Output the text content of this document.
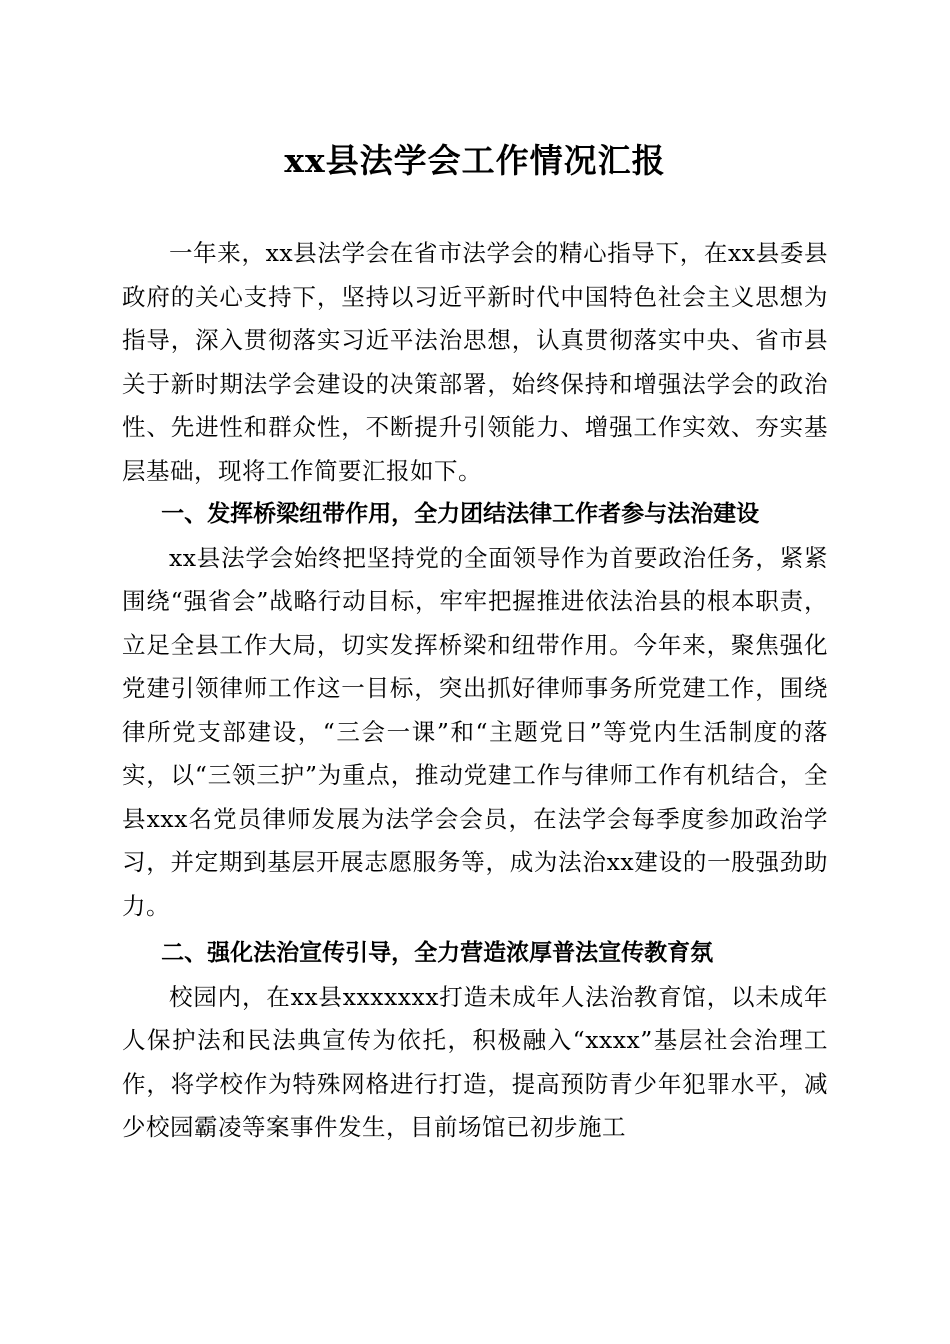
xx县法学会工作情况汇报

一年来，xx县法学会在省市法学会的精心指导下，在xx县委县政府的关心支持下，坚持以习近平新时代中国特色社会主义思想为指导，深入贯彻落实习近平法治思想，认真贯彻落实中央、省市县关于新时期法学会建设的决策部署，始终保持和增强法学会的政治性、先进性和群众性，不断提升引领能力、增强工作实效、夯实基层基础，现将工作简要汇报如下。

一、发挥桥梁纽带作用，全力团结法律工作者参与法治建设

xx县法学会始终把坚持党的全面领导作为首要政治任务，紧紧围绕“强省会”战略行动目标，牢牢把握推进依法治县的根本职责，立足全县工作大局，切实发挥桥梁和纽带作用。今年来，聚焦强化党建引领律师工作这一目标，突出抓好律师事务所党建工作，围绕律所党支部建设，“三会一课”和“主题党日”等党内生活制度的落实，以“三领三护”为重点，推动党建工作与律师工作有机结合，全县xxx名党员律师发展为法学会会员，在法学会每季度参加政治学习，并定期到基层开展志愿服务等，成为法治xx建设的一股强劲助力。

二、强化法治宣传引导，全力营造浓厚普法宣传教育氛

校园内，在xx县xxxxxxx打造未成年人法治教育馆，以未成年人保护法和民法典宣传为依托，积极融入“xxxx”基层社会治理工作，将学校作为特殊网格进行打造，提高预防青少年犯罪水平，减少校园霸凌等案事件发生，目前场馆已初步施工
